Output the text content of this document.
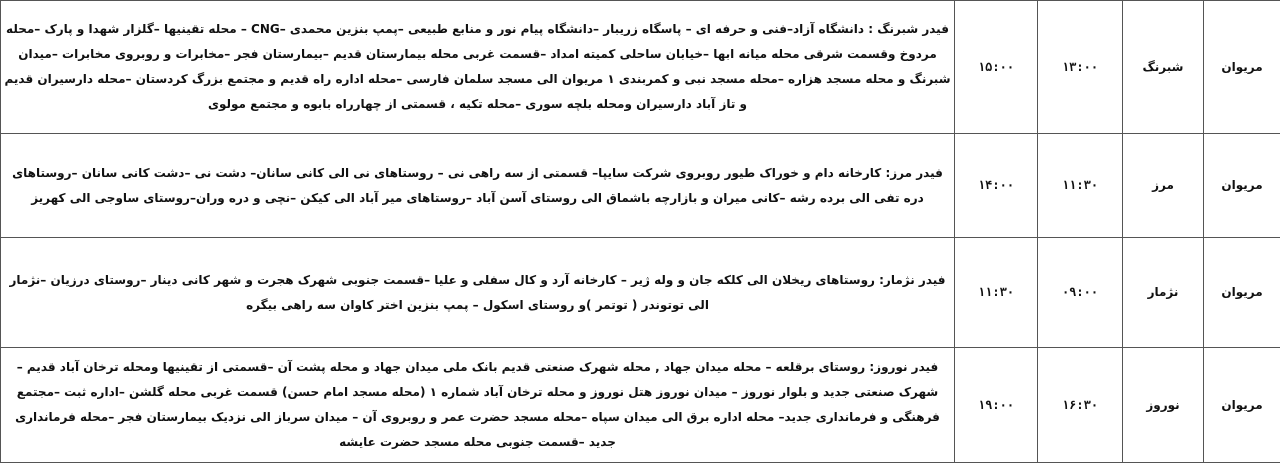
مریوان	شبرنگ	۱۳:۰۰	۱۵:۰۰	فیدر شبرنگ : دانشگاه آزاد–فنی و حرفه ای – پاسگاه زریبار –دانشگاه پیام نور و منابع طبیعی –پمپ بنزین محمدی –CNG – محله تقینیها –گلزار شهدا و پارک –محله مردوخ وقسمت شرقی محله میانه ابها –خیابان ساحلی کمیته امداد –قسمت غربی محله بیمارستان قدیم –بیمارستان فجر –مخابرات و روبروی مخابرات –میدان شبرنگ و محله مسجد هزاره –محله مسجد نبی و کمربندی ۱ مریوان الی مسجد سلمان فارسی –محله اداره راه قدیم و مجتمع بزرگ کردستان –محله دارسیران قدیم و تاز آباد دارسیران ومحله بلچه سوری –محله تکیه ، قسمتی از چهارراه بابوه و مجتمع مولوی
مریوان	مرز	۱۱:۳۰	۱۴:۰۰	فیدر مرز: کارخانه دام و خوراک طیور روبروی شرکت سایپا– قسمتی از سه راهی نی – روستاهای نی الی کانی سانان– دشت نی –دشت کانی سانان –روستاهای دره تفی الی برده رشه –کانی میران و بازارچه باشماق الی روستای آسن آباد –روستاهای میر آباد الی کیکن –نچی و دره وران–روستای ساوجی الی کهریز
مریوان	نژمار	۰۹:۰۰	۱۱:۳۰	فیدر نژمار: روستاهای ریخلان الی کلکه جان و وله ژیر – کارخانه آرد و کال سفلی و علیا –قسمت جنوبی شهرک هجرت و شهر کانی دینار –روستای درزیان –نژمار الی توتوندر ( توتمر )و روستای اسکول – پمپ بنزین اختر کاوان سه راهی بیگره
مریوان	نوروز	۱۶:۳۰	۱۹:۰۰	فیدر نوروز: روستای برقلعه – محله میدان جهاد , محله شهرک صنعتی قدیم بانک ملی میدان جهاد و محله پشت آن –قسمتی از تقینیها ومحله ترخان آباد قدیم –شهرک صنعتی جدید و بلوار نوروز – میدان نوروز هتل نوروز و محله ترخان آباد شماره ۱ (محله مسجد امام حسن) قسمت غربی محله گلشن –اداره ثبت –مجتمع فرهنگی و فرمانداری جدید– محله اداره برق الی میدان سپاه –محله مسجد حضرت عمر و روبروی آن – میدان سرباز الی نزدیک بیمارستان فجر –محله فرمانداری جدید –قسمت جنوبی محله مسجد حضرت عایشه
